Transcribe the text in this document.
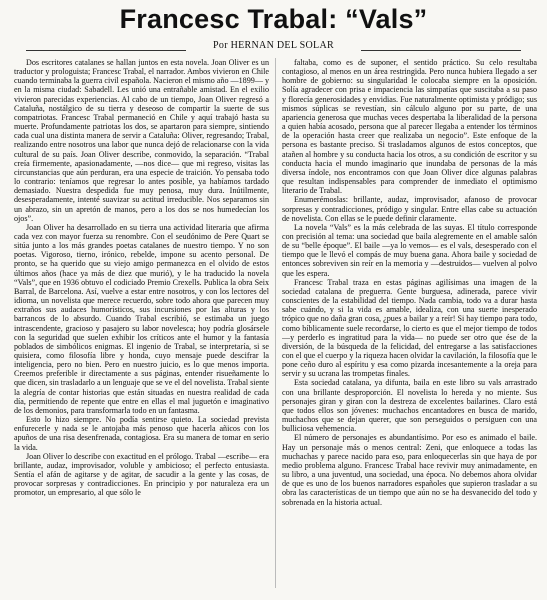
Francesc Trabal: “Vals”
Por HERNAN DEL SOLAR

Dos escritores catalanes se hallan juntos en esta novela. Joan Oliver es un traductor y prologuista; Francesc Trabal, el narrador. Ambos vivieron en Chile cuando terminaba la guerra civil española. Nacieron el mismo año —1899— y en la misma ciudad: Sabadell. Les unió una entrañable amistad. En el exilio vivieron parecidas experiencias. Al cabo de un tiempo, Joan Oliver regresó a Cataluña, nostálgico de su tierra y deseoso de compartir la suerte de sus compatriotas. Francesc Trabal permaneció en Chile y aquí trabajó hasta su muerte. Profundamente patriotas los dos, se apartaron para siempre, sintiendo cada cual una distinta manera de servir a Cataluña: Oliver, regresando; Trabal, realizando entre nosotros una labor que nunca dejó de relacionarse con la vida cultural de su país. Joan Oliver describe, conmovido, la separación. “Trabal creía firmemente, apasionadamente, —nos dice— que mi regreso, visitas las circunstancias que aún perduran, era una especie de traición. Yo pensaba todo lo contrario: teníamos que regresar lo antes posible, ya habíamos tardado demasiado. Nuestra despedida fue muy penosa, muy dura. Inútilmente, desesperadamente, intenté suavizar su actitud irreducible. Nos separamos sin un abrazo, sin un apretón de manos, pero a los dos se nos humedecían los ojos”.

Joan Oliver ha desarrollado en su tierra una actividad literaria que afirma cada vez con mayor fuerza su renombre. Con el seudónimo de Pere Quart se sitúa junto a los más grandes poetas catalanes de nuestro tiempo. Y no son poetas. Vigoroso, tierno, irónico, rebelde, impone su acento personal. De pronto, se ha querido que su viejo amigo permanezca en el olvido de estos últimos años (hace ya más de diez que murió), y le ha traducido la novela “Vals”, que en 1936 obtuvo el codiciado Premio Crexells. Publica la obra Seix Barral, de Barcelona. Así, vuelve a estar entre nosotros, y con los lectores del idioma, un novelista que merece recuerdo, sobre todo ahora que parecen muy extraños sus audaces humorísticos, sus incursiones por las alturas y los barrancos de lo absurdo. Cuando Trabal escribió, se estimaba un juego intrascendente, gracioso y pasajero su labor novelesca; hoy podría glosársele con la seguridad que suelen exhibir los críticos ante el humor y la fantasía poblados de simbólicos enigmas. El ingenio de Trabal, se interpretaría, si se quisiera, como filosofía libre y honda, cuyo mensaje puede descifrar la inteligencia, pero no bien. Pero en nuestro juicio, es lo que menos importa. Creemos preferible ir directamente a sus páginas, entender risueñamente lo que dicen, sin trasladarlo a un lenguaje que se ve el del novelista. Trabal siente la alegría de contar historias que están situadas en nuestra realidad de cada día, permitiendo de repente que entre en ellas el mal juguetón e imaginativo de los demonios, para transformarla todo en un fantasma.

Esto lo hizo siempre. No podía sentirse quieto. La sociedad prevista enfurecerle y nada se le antojaba más penoso que hacerla añicos con los apuños de una risa desenfrenada, contagiosa. Era su manera de tomar en serio la vida.

Joan Oliver lo describe con exactitud en el prólogo. Trabal —escribe— era brillante, audaz, improvisador, voluble y ambicioso; el perfecto entusiasta. Sentía el afán de agitarse y de agitar, de sacudir a la gente y las cosas, de provocar sorpresas y contradicciones. En principio y por naturaleza era un promotor, un empresario, al que sólo le

faltaba, como es de suponer, el sentido práctico. Su celo resultaba contagioso, al menos en un área restringida. Pero nunca hubiera llegado a ser hombre de gobierno: su singularidad le colocaba siempre en la oposición. Solía agradecer con prisa e impaciencia las simpatías que suscitaba a su paso y florecía generosidades y envidias. Fue naturalmente optimista y pródigo; sus mismos súplicas se revestían, sin cálculo alguno por su parte, de una apariencia generosa que muchas veces despertaba la liberalidad de la persona a quien había acosado, persona que al parecer llegaba a entender los términos de la operación hasta creer que realizaba un negocio”. Este enfoque de la persona es bastante preciso. Si trasladamos algunos de estos conceptos, que atañen al hombre y su conducta hacia los otros, a su condición de escritor y su conducta hacia el mundo imaginario que inundaba de personas de la más diversa índole, nos encontramos con que Joan Oliver dice algunas palabras que resultan indispensables para comprender de inmediato el optimismo literario de Trabal.

Enumerémoslas: brillante, audaz, improvisador, afanoso de provocar sorpresas y contradicciones, pródigo y singular. Entre ellas cabe su actuación de novelista. Con ellas se le puede definir claramente.

La novela “Vals” es la más celebrada de las suyas. El título corresponde con precisión al tema: una sociedad que baila alegremente en el amable salón de su “belle époque”. El baile —ya lo vemos— es el vals, desesperado con el tiempo que le llevó el compás de muy buena gana. Ahora baile y sociedad de entonces sobreviven sin reír en la memoria y —destruidos— vuelven al polvo que les espera.

Francesc Trabal traza en estas páginas agilísimas una imagen de la sociedad catalana de preguerra. Gente burguesa, adinerada, parece vivir conscientes de la estabilidad del tiempo. Nada cambia, todo va a durar hasta sabe cuándo, y si la vida es amable, idealiza, con una suerte inesperado trópico que no daña gran cosa, ¿pues a bailar y a reír! Si hay tiempo para todo, como bíblicamente suele recordarse, lo cierto es que el mejor tiempo de todos —y perderlo es ingratitud para la vida— no puede ser otro que ése de la diversión, de la búsqueda de la felicidad, del entregarse a las satisfacciones con el que el cuerpo y la riqueza hacen olvidar la cavilación, la filosofía que le pone ceño duro al espíritu y esa como pizarda incesantemente a la oreja para servir y su ucrana las trompetas finales.

Esta sociedad catalana, ya difunta, baila en este libro su vals arrastrado con una brillante desproporción. El novelista lo hereda y no miente. Sus personajes giran y giran con la destreza de excelentes bailarines. Claro está que todos ellos son jóvenes: muchachos encantadores en busca de marido, muchachos que se dejan querer, que son perseguidos o persiguen con una bulliciosa vehemencia.

El número de personajes es abundantísimo. Por eso es animado el baile. Hay un personaje más o menos central: Zeni, que enloquece a todas las muchachas y parece nacido para eso, para enloquecerlas sin que haya de por medio problema alguno. Francesc Trabal hace revivir muy animadamente, en su libro, a una juventud, una sociedad, una época. No debemos ahora olvidar de que es uno de los buenos narradores españoles que supieron trasladar a su obra las características de un tiempo que aún no se ha desvanecido del todo y sobrenada en la historia actual.
